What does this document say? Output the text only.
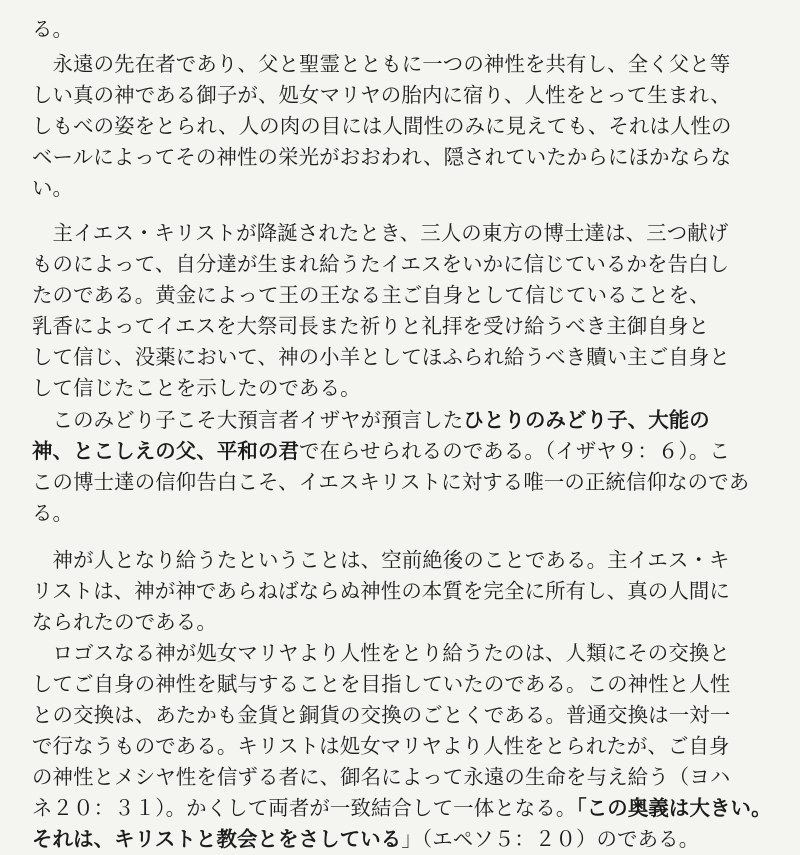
る。
　永遠の先在者であり、父と聖霊とともに一つの神性を共有し、全く父と等
しい真の神である御子が、処女マリヤの胎内に宿り、人性をとって生まれ、
しもべの姿をとられ、人の肉の目には人間性のみに見えても、それは人性の
ベールによってその神性の栄光がおおわれ、隠されていたからにほかならな
い。
　主イエス・キリストが降誕されたとき、三人の東方の博士達は、三つ献げ
ものによって、自分達が生まれ給うたイエスをいかに信じているかを告白し
たのである。黄金によって王の王なる主ご自身として信じていることを、
乳香によってイエスを大祭司長また祈りと礼拝を受け給うべき主御自身と
して信じ、没薬において、神の小羊としてほふられ給うべき贖い主ご自身と
して信じたことを示したのである。
　このみどり子こそ大預言者イザヤが預言したひとりのみどり子、大能の
神、とこしえの父、平和の君で在らせられるのである。（イザヤ９：６）。こ
この博士達の信仰告白こそ、イエスキリストに対する唯一の正統信仰なのであ
る。
　神が人となり給うたということは、空前絶後のことである。主イエス・キ
リストは、神が神であらねばならぬ神性の本質を完全に所有し、真の人間に
なられたのである。
　ロゴスなる神が処女マリヤより人性をとり給うたのは、人類にその交換と
してご自身の神性を賦与することを目指していたのである。この神性と人性
との交換は、あたかも金貨と銅貨の交換のごとくである。普通交換は一対一
で行なうものである。キリストは処女マリヤより人性をとられたが、ご自身
の神性とメシヤ性を信ずる者に、御名によって永遠の生命を与え給う（ヨハ
ネ２０：３１）。かくして両者が一致結合して一体となる。「この奥義は大きい。
それは、キリストと教会とをさしている」（エペソ５：２０）のである。
